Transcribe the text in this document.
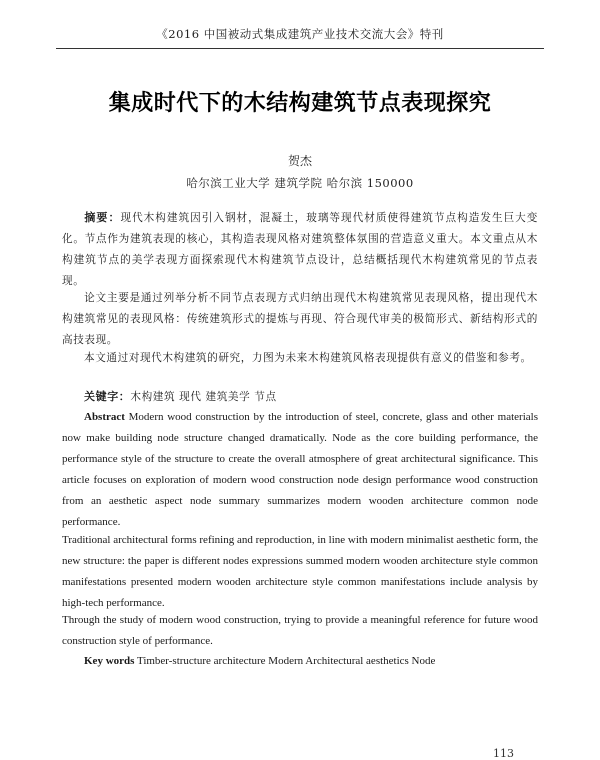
《2016 中国被动式集成建筑产业技术交流大会》特刊
集成时代下的木结构建筑节点表现探究
贺杰
哈尔滨工业大学 建筑学院 哈尔滨 150000

摘要：现代木构建筑因引入钢材，混凝土，玻璃等现代材质使得建筑节点构造发生巨大变化。节点作为建筑表现的核心，其构造表现风格对建筑整体氛围的营造意义重大。本文重点从木构建筑节点的美学表现方面探索现代木构建筑节点设计，总结概括现代木构建筑常见的节点表现。

论文主要是通过列举分析不同节点表现方式归纳出现代木构建筑常见表现风格，提出现代木构建筑常见的表现风格：传统建筑形式的提炼与再现、符合现代审美的极简形式、新结构形式的高技表现。

本文通过对现代木构建筑的研究，力图为未来木构建筑风格表现提供有意义的借鉴和参考。

关键字：木构建筑 现代 建筑美学 节点

Abstract Modern wood construction by the introduction of steel, concrete, glass and other materials now make building node structure changed dramatically. Node as the core building performance, the performance style of the structure to create the overall atmosphere of great architectural significance. This article focuses on exploration of modern wood construction node design performance wood construction from an aesthetic aspect node summary summarizes modern wooden architecture common node performance.

Traditional architectural forms refining and reproduction, in line with modern minimalist aesthetic form, the new structure: the paper is different nodes expressions summed modern wooden architecture style common manifestations presented modern wooden architecture style common manifestations include analysis by high-tech performance.

Through the study of modern wood construction, trying to provide a meaningful reference for future wood construction style of performance.

Key words Timber-structure architecture Modern Architectural aesthetics Node

113
